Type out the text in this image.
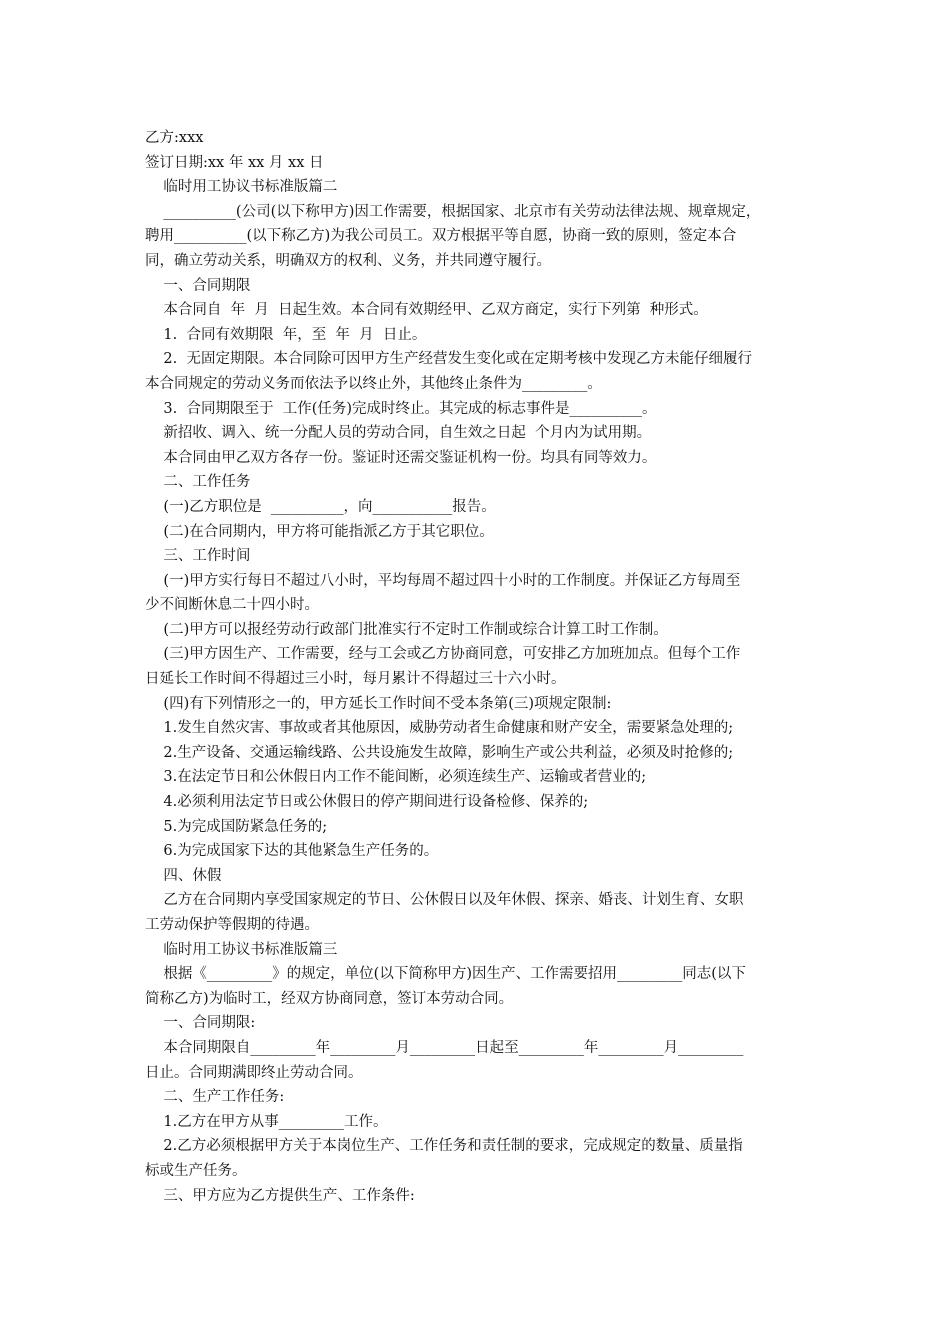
乙方:xxx
签订日期:xx 年 xx 月 xx 日
临时用工协议书标准版篇二
__________(公司(以下称甲方)因工作需要，根据国家、北京市有关劳动法律法规、规章规定，
聘用__________(以下称乙方)为我公司员工。双方根据平等自愿，协商一致的原则，签定本合
同，确立劳动关系，明确双方的权利、义务，并共同遵守履行。
一、合同期限
本合同自  年  月  日起生效。本合同有效期经甲、乙双方商定，实行下列第  种形式。
1.  合同有效期限  年，至  年  月  日止。
2.  无固定期限。本合同除可因甲方生产经营发生变化或在定期考核中发现乙方未能仔细履行
本合同规定的劳动义务而依法予以终止外，其他终止条件为_________。
3.  合同期限至于  工作(任务)完成时终止。其完成的标志事件是__________。
新招收、调入、统一分配人员的劳动合同，自生效之日起  个月内为试用期。
本合同由甲乙双方各存一份。鉴证时还需交鉴证机构一份。均具有同等效力。
二、工作任务
(一)乙方职位是  __________，向___________报告。
(二)在合同期内，甲方将可能指派乙方于其它职位。
三、工作时间
(一)甲方实行每日不超过八小时，平均每周不超过四十小时的工作制度。并保证乙方每周至
少不间断休息二十四小时。
(二)甲方可以报经劳动行政部门批准实行不定时工作制或综合计算工时工作制。
(三)甲方因生产、工作需要，经与工会或乙方协商同意，可安排乙方加班加点。但每个工作
日延长工作时间不得超过三小时，每月累计不得超过三十六小时。
(四)有下列情形之一的，甲方延长工作时间不受本条第(三)项规定限制:
1.发生自然灾害、事故或者其他原因，威胁劳动者生命健康和财产安全，需要紧急处理的;
2.生产设备、交通运输线路、公共设施发生故障，影响生产或公共利益，必须及时抢修的;
3.在法定节日和公休假日内工作不能间断，必须连续生产、运输或者营业的;
4.必须利用法定节日或公休假日的停产期间进行设备检修、保养的;
5.为完成国防紧急任务的;
6.为完成国家下达的其他紧急生产任务的。
四、休假
乙方在合同期内享受国家规定的节日、公休假日以及年休假、探亲、婚丧、计划生育、女职
工劳动保护等假期的待遇。
临时用工协议书标准版篇三
根据《_________》的规定，单位(以下简称甲方)因生产、工作需要招用_________同志(以下
简称乙方)为临时工，经双方协商同意，签订本劳动合同。
一、合同期限:
本合同期限自_________年_________月_________日起至_________年_________月_________
日止。合同期满即终止劳动合同。
二、生产工作任务:
1.乙方在甲方从事_________工作。
2.乙方必须根据甲方关于本岗位生产、工作任务和责任制的要求，完成规定的数量、质量指
标或生产任务。
三、甲方应为乙方提供生产、工作条件:
